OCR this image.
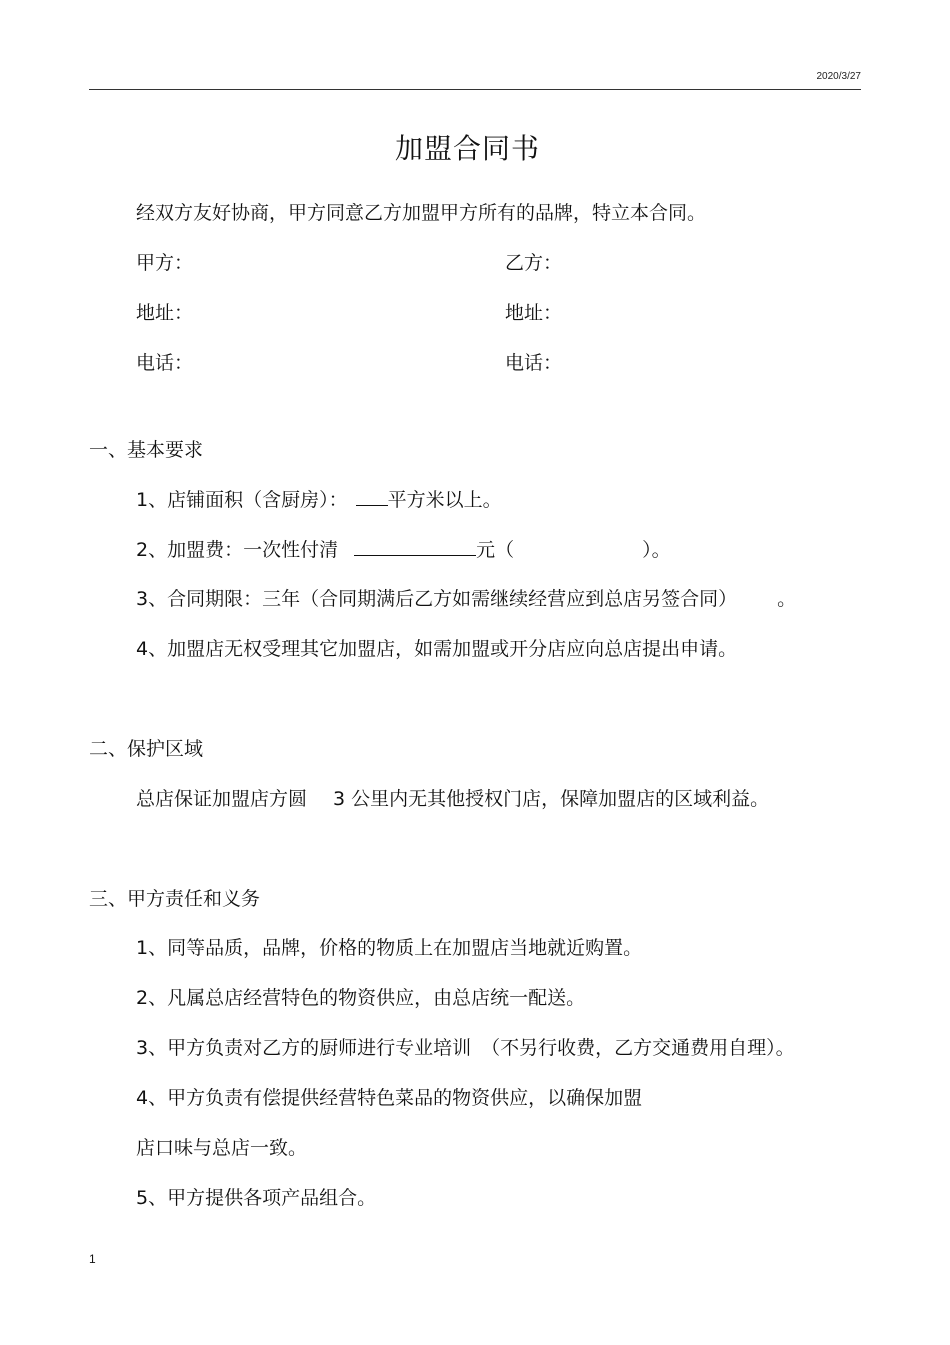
2020/3/27
加盟合同书
经双方友好协商，甲方同意乙方加盟甲方所有的品牌，特立本合同。
甲方：	乙方：
地址：	地址：
电话：	电话：
一、基本要求
1、店铺面积（含厨房）： 平方米以上。
2、加盟费：一次性付清	元（	）。
3、合同期限：三年（合同期满后乙方如需继续经营应到总店另签合同） 。
4、加盟店无权受理其它加盟店，如需加盟或开分店应向总店提出申请。
二、保护区域
总店保证加盟店方圆 3 公里内无其他授权门店，保障加盟店的区域利益。
三、甲方责任和义务
1、同等品质，品牌，价格的物质上在加盟店当地就近购置。
2、凡属总店经营特色的物资供应，由总店统一配送。
3、甲方负责对乙方的厨师进行专业培训 （不另行收费，乙方交通费用自理）。
4、甲方负责有偿提供经营特色菜品的物资供应，以确保加盟
店口味与总店一致。
5、甲方提供各项产品组合。
1
